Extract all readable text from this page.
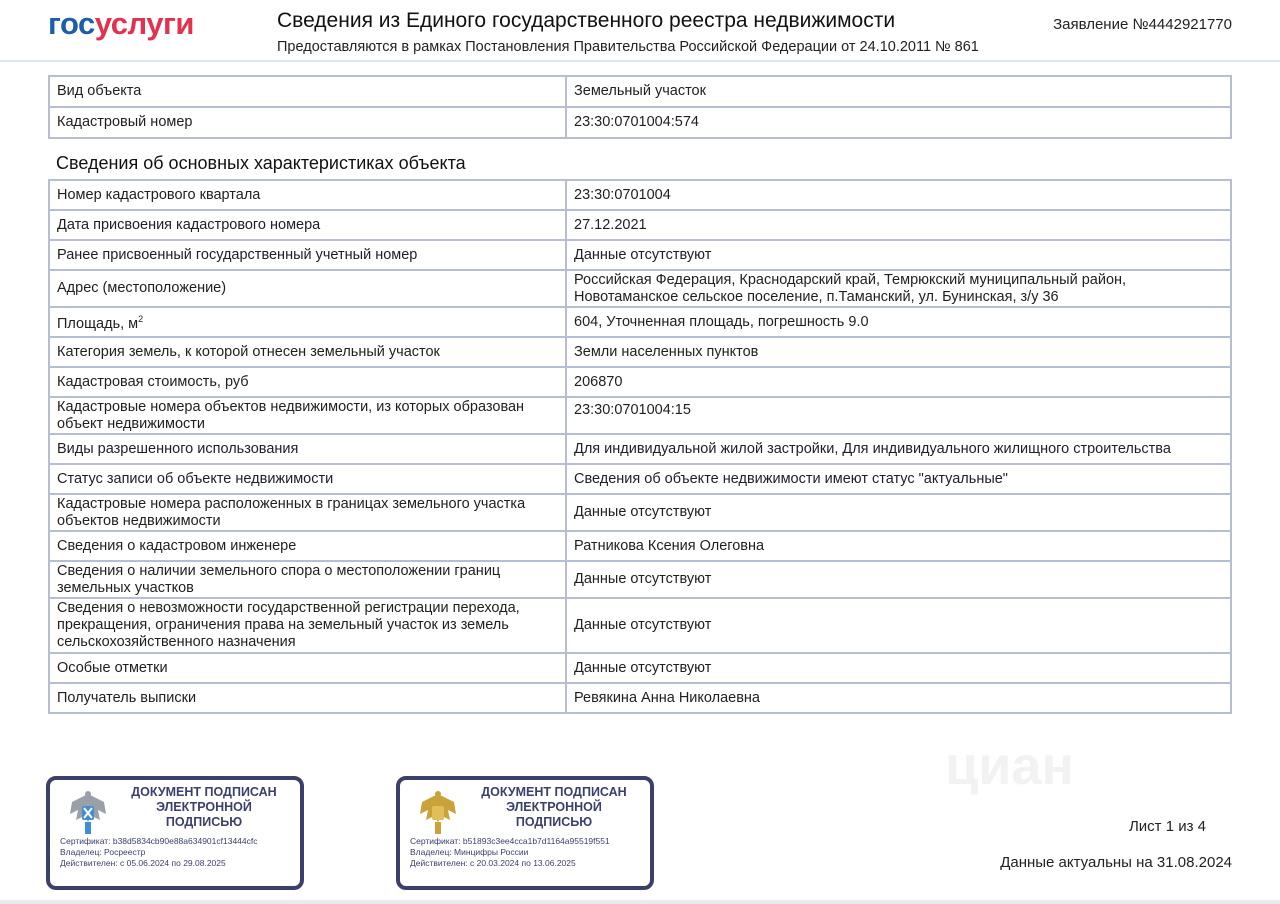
госуслуги	Сведения из Единого государственного реестра недвижимости
Предоставляются в рамках Постановления Правительства Российской Федерации от 24.10.2011 № 861
Заявление №4442921770
Вид объекта	Земельный участок
Кадастровый номер	23:30:0701004:574
Сведения об основных характеристиках объекта
Номер кадастрового квартала	23:30:0701004
Дата присвоения кадастрового номера	27.12.2021
Ранее присвоенный государственный учетный номер	Данные отсутствуют
Адрес (местоположение)	Российская Федерация, Краснодарский край, Темрюкский муниципальный район, Новотаманское сельское поселение, п.Таманский, ул. Бунинская, з/у 36
Площадь, $м^2$	604, Уточненная площадь, погрешность 9.0
Категория земель, к которой отнесен земельный участок	Земли населенных пунктов
Кадастровая стоимость, руб	206870
Кадастровые номера объектов недвижимости, из которых образован объект недвижимости	23:30:0701004:15
Виды разрешенного использования	Для индивидуальной жилой застройки, Для индивидуального жилищного строительства
Статус записи об объекте недвижимости	Сведения об объекте недвижимости имеют статус "актуальные"
Кадастровые номера расположенных в границах земельного участка объектов недвижимости	Данные отсутствуют
Сведения о кадастровом инженере	Ратникова Ксения Олеговна
Сведения о наличии земельного спора о местоположении границ земельных участков	Данные отсутствуют
Сведения о невозможности государственной регистрации перехода, прекращения, ограничения права на земельный участок из земель сельскохозяйственного назначения	Данные отсутствуют
Особые отметки	Данные отсутствуют
Получатель выписки	Ревякина Анна Николаевна
циан
ДОКУМЕНТ ПОДПИСАН
ЭЛЕКТРОННОЙ
ПОДПИСЬЮ
Сертификат: b38d5834cb90e88a634901cf13444cfc
Владелец: Росреестр
Действителен: с 05.06.2024 по 29.08.2025
ДОКУМЕНТ ПОДПИСАН
ЭЛЕКТРОННОЙ
ПОДПИСЬЮ
Сертификат: b51893c3ee4cca1b7d1164a95519f551
Владелец: Минцифры России
Действителен: с 20.03.2024 по 13.06.2025
Лист 1 из 4
Данные актуальны на 31.08.2024
